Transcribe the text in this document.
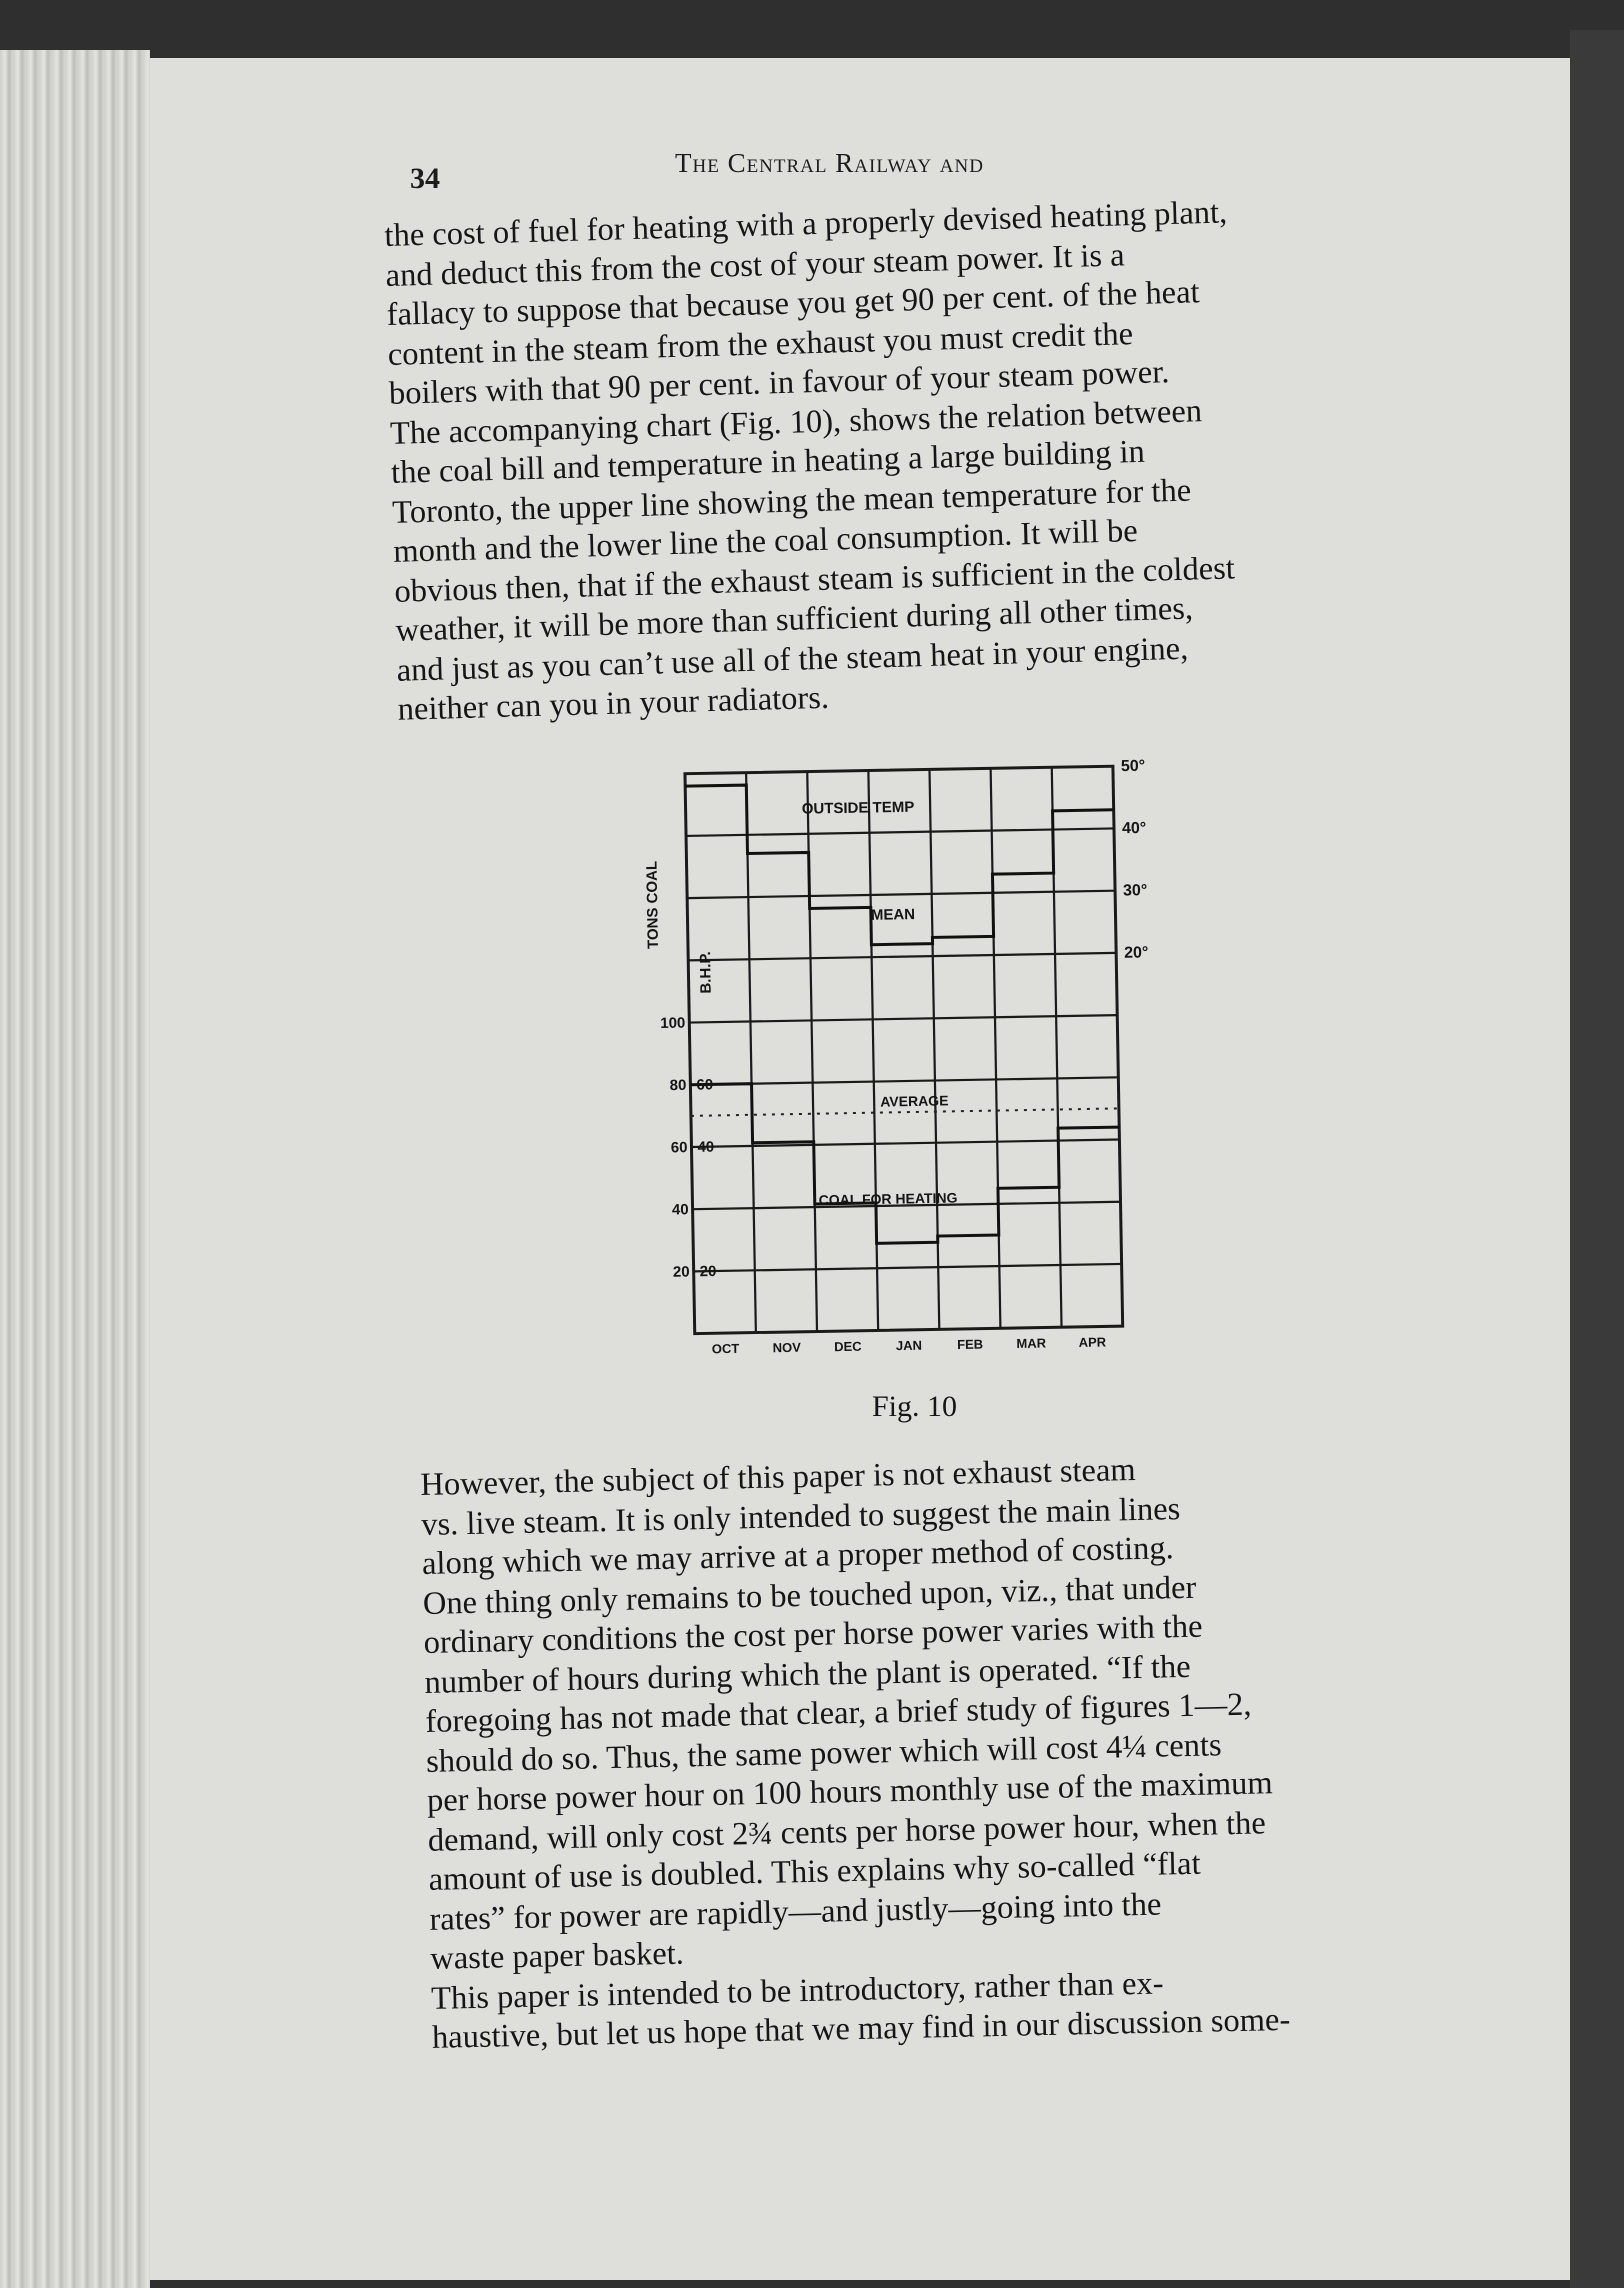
34	The Central Railway and

the cost of fuel for heating with a properly devised heating plant,
and deduct this from the cost of your steam power. It is a
fallacy to suppose that because you get 90 per cent. of the heat
content in the steam from the exhaust you must credit the
boilers with that 90 per cent. in favour of your steam power.
The accompanying chart (Fig. 10), shows the relation between
the coal bill and temperature in heating a large building in
Toronto, the upper line showing the mean temperature for the
month and the lower line the coal consumption. It will be
obvious then, that if the exhaust steam is sufficient in the coldest
weather, it will be more than sufficient during all other times,
and just as you can’t use all of the steam heat in your engine,
neither can you in your radiators.

AVERAGE
OUTSIDE TEMP
MEAN
COAL FOR HEATING
TONS COAL
B.H.P.
20
40
60
80
100
20
40
60
50°
40°
30°
20°
OCT	NOV	DEC	JAN	FEB	MAR APR
Fig. 10

However, the subject of this paper is not exhaust steam
vs. live steam. It is only intended to suggest the main lines
along which we may arrive at a proper method of costing.
One thing only remains to be touched upon, viz., that under
ordinary conditions the cost per horse power varies with the
number of hours during which the plant is operated. “If the
foregoing has not made that clear, a brief study of figures 1—2,
should do so. Thus, the same power which will cost 4¼ cents
per horse power hour on 100 hours monthly use of the maximum
demand, will only cost 2¾ cents per horse power hour, when the
amount of use is doubled. This explains why so-called “flat
rates” for power are rapidly—and justly—going into the
waste paper basket.
This paper is intended to be introductory, rather than ex-
haustive, but let us hope that we may find in our discussion some-
